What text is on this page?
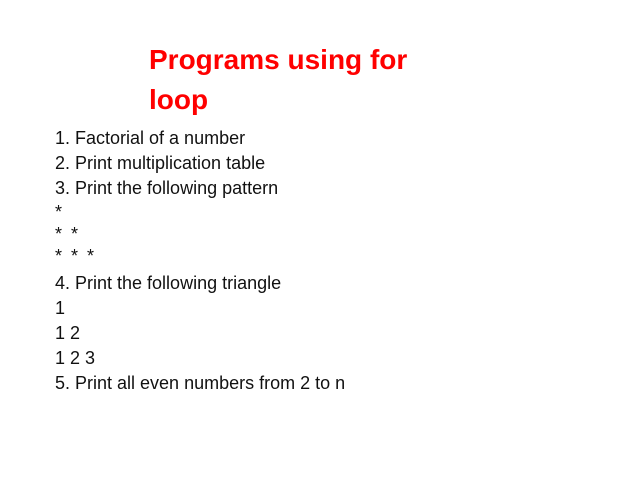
Programs using for loop
1. Factorial of a number
2. Print multiplication table
3. Print the following pattern
*
* *
* * *
4. Print the following triangle
1
1 2
1 2 3
5. Print all even numbers from 2 to n
